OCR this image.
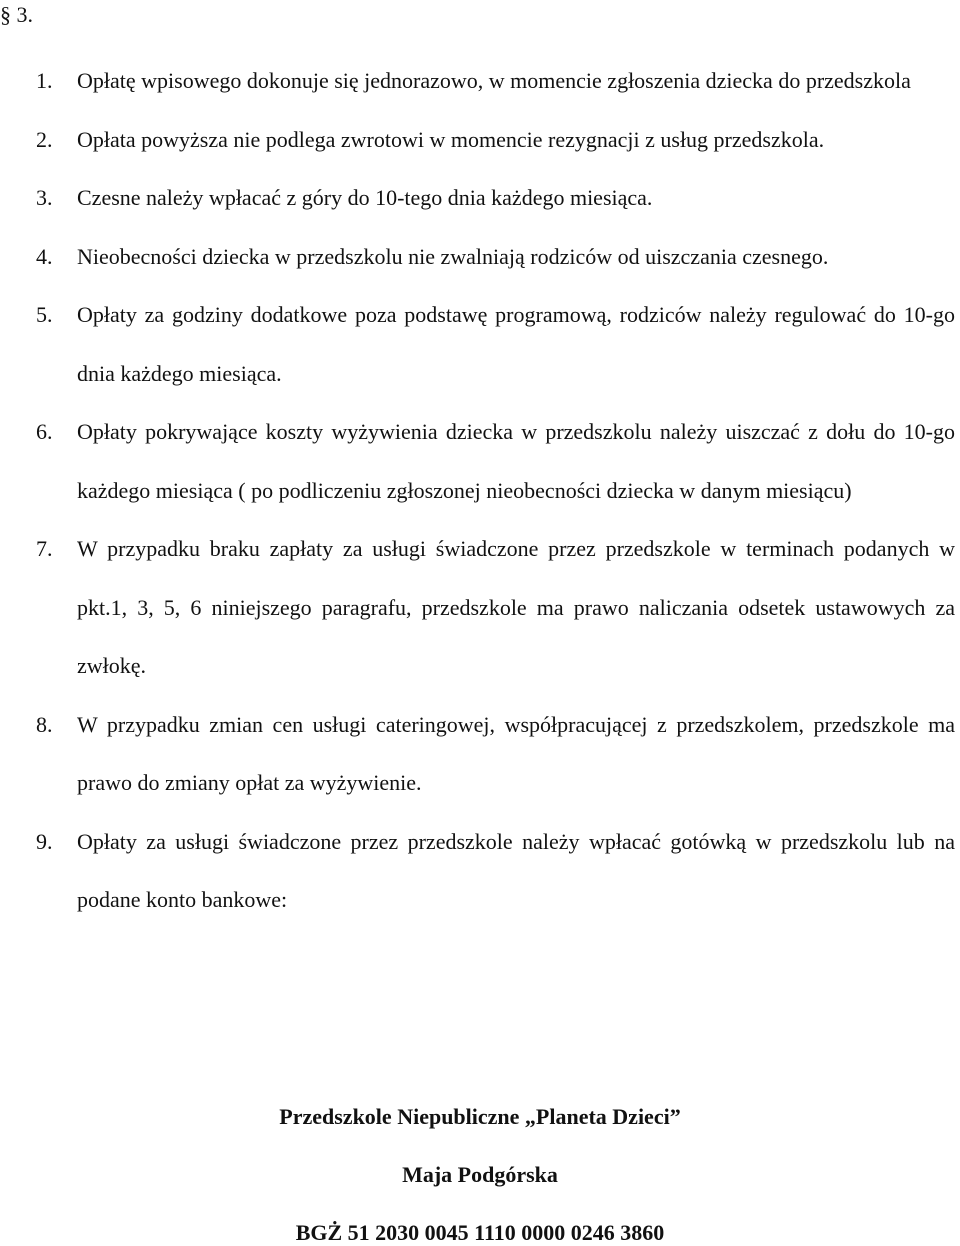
§ 3.
1. Opłatę wpisowego dokonuje się jednorazowo, w momencie zgłoszenia dziecka do przedszkola
2. Opłata powyższa nie podlega zwrotowi w momencie rezygnacji z usług przedszkola.
3. Czesne należy wpłacać z góry do 10-tego dnia każdego miesiąca.
4. Nieobecności dziecka w przedszkolu nie zwalniają rodziców od uiszczania czesnego.
5. Opłaty za godziny dodatkowe poza podstawę programową, rodziców należy regulować do 10-go dnia każdego miesiąca.
6. Opłaty pokrywające koszty wyżywienia dziecka w przedszkolu należy uiszczać z dołu do 10-go każdego miesiąca ( po podliczeniu zgłoszonej nieobecności dziecka w danym miesiącu)
7. W przypadku braku zapłaty za usługi świadczone przez przedszkole w terminach podanych w pkt.1, 3, 5, 6 niniejszego paragrafu, przedszkole ma prawo naliczania odsetek ustawowych za zwłokę.
8. W przypadku zmian cen usługi cateringowej, współpracującej z przedszkolem, przedszkole ma prawo do zmiany opłat za wyżywienie.
9. Opłaty za usługi świadczone przez przedszkole należy wpłacać gotówką w przedszkolu lub na podane konto bankowe:
Przedszkole Niepubliczne „Planeta Dzieci”
Maja Podgórska
BGŻ 51 2030 0045 1110 0000 0246 3860
